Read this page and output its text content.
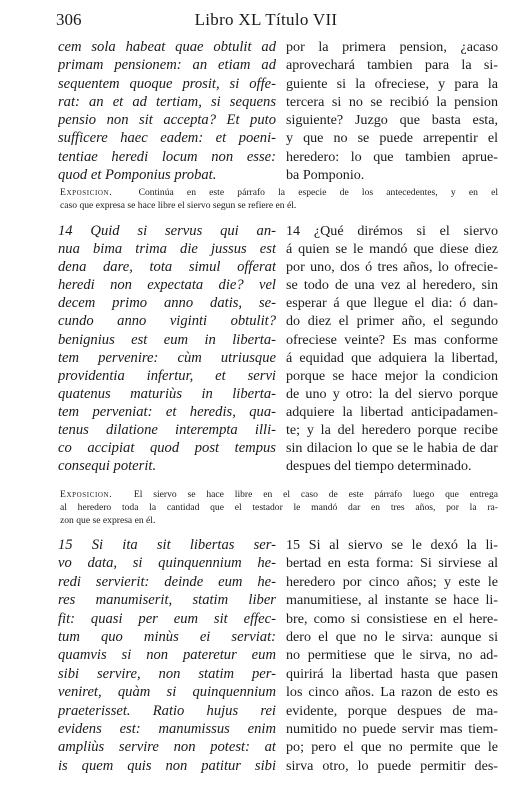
306	Libro XL Título VII
cem sola habeat quae obtulit ad
primam pensionem: an etiam ad
sequentem quoque prosit, si offe-
rat: an et ad tertiam, si sequens
pensio non sit accepta? Et puto
sufficere haec eadem: et poeni-
tentiae heredi locum non esse:
quod et Pomponius probat.
por la primera pension, ¿acaso
aprovechará tambien para la si-
guiente si la ofreciese, y para la
tercera si no se recibió la pension
siguiente? Juzgo que basta esta,
y que no se puede arrepentir el
heredero: lo que tambien aprue-
ba Pomponio.
Exposicion.	Continúa en este párrafo la especie de los antecedentes, y en el
caso que expresa se hace libre el siervo segun se refiere en él.
14 Quid si servus qui an-
nua bima trima die jussus est
dena dare, tota simul offerat
heredi non expectata die? vel
decem primo anno datis, se-
cundo anno viginti obtulit?
benignius est eum in liberta-
tem pervenire: cùm utriusque
providentia infertur, et servi
quatenus maturiùs in liberta-
tem perveniat: et heredis, qua-
tenus dilatione interempta illi-
co accipiat quod post tempus
consequi poterit.
14 ¿Qué dirémos si el siervo
á quien se le mandó que diese diez
por uno, dos ó tres años, lo ofrecie-
se todo de una vez al heredero, sin
esperar á que llegue el dia: ó dan-
do diez el primer año, el segundo
ofreciese veinte? Es mas conforme
á equidad que adquiera la libertad,
porque se hace mejor la condicion
de uno y otro: la del siervo porque
adquiere la libertad anticipadamen-
te; y la del heredero porque recibe
sin dilacion lo que se le habia de dar
despues del tiempo determinado.
Exposicion. El siervo se hace libre en el caso de este párrafo luego que entrega
al heredero toda la cantidad que el testador le mandó dar en tres años, por la ra-
zon que se expresa en él.
15 Si ita sit libertas ser-
vo data, si quinquennium he-
redi servierit: deinde eum he-
res manumiserit, statim liber
fit: quasi per eum sit effec-
tum quo minùs ei serviat:
quamvis si non pateretur eum
sibi servire, non statim per-
veniret, quàm si quinquennium
praeterisset. Ratio hujus rei
evidens est: manumissus enim
ampliùs servire non potest: at
is quem quis non patitur sibi
15 Si al siervo se le dexó la li-
bertad en esta forma: Si sirviese al
heredero por cinco años; y este le
manumitiese, al instante se hace li-
bre, como si consistiese en el here-
dero el que no le sirva: aunque si
no permitiese que le sirva, no ad-
quirirá la libertad hasta que pasen
los cinco años. La razon de esto es
evidente, porque despues de ma-
numitido no puede servir mas tiem-
po; pero el que no permite que le
sirva otro, lo puede permitir des-
